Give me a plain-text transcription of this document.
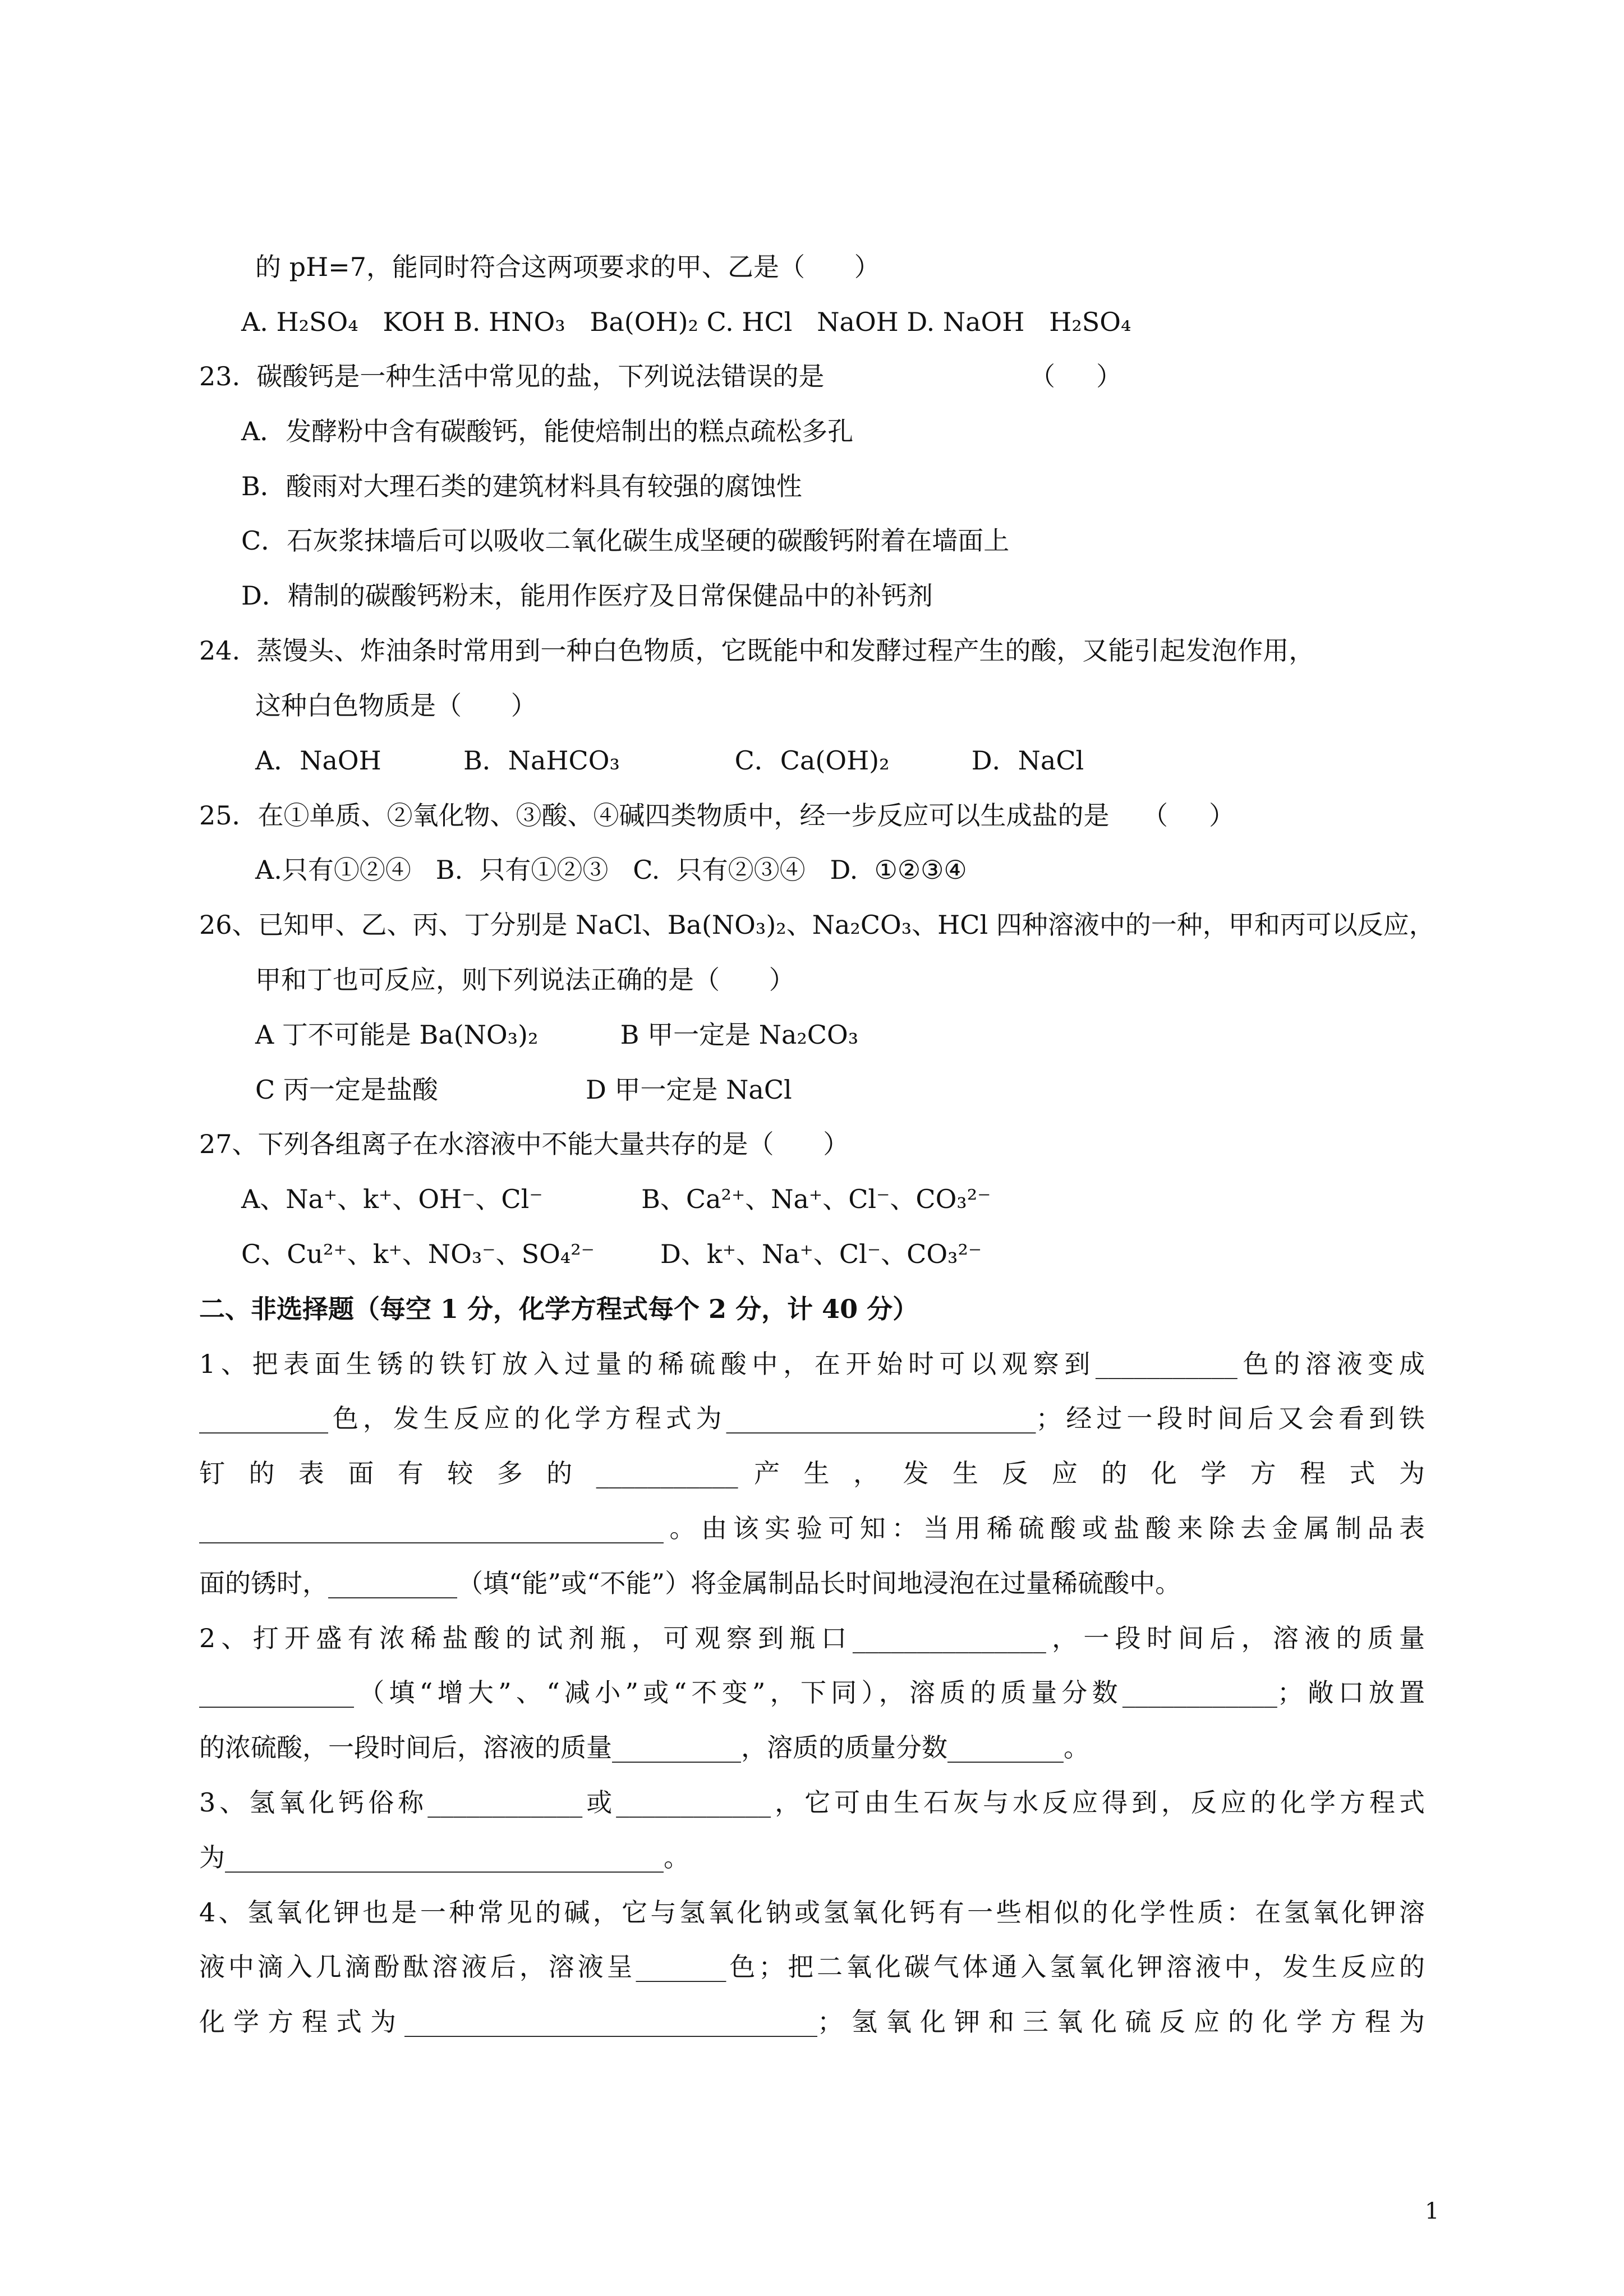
的 pH=7，能同时符合这两项要求的甲、乙是（      ）
A. H₂SO₄   KOH B. HNO₃   Ba(OH)₂ C. HCl   NaOH D. NaOH   H₂SO₄
23.  碳酸钙是一种生活中常见的盐，下列说法错误的是	（     ）
A．发酵粉中含有碳酸钙，能使焙制出的糕点疏松多孔
B．酸雨对大理石类的建筑材料具有较强的腐蚀性
C．石灰浆抹墙后可以吸收二氧化碳生成坚硬的碳酸钙附着在墙面上
D．精制的碳酸钙粉末，能用作医疗及日常保健品中的补钙剂
24.  蒸馒头、炸油条时常用到一种白色物质，它既能中和发酵过程产生的酸，又能引起发泡作用，
这种白色物质是（      ）
A．NaOH          B．NaHCO₃              C．Ca(OH)₂          D．NaCl
25．在①单质、②氧化物、③酸、④碱四类物质中，经一步反应可以生成盐的是    （     ）
A.只有①②④   B.  只有①②③   C.  只有②③④   D.  ①②③④
26、已知甲、乙、丙、丁分别是 NaCl、Ba(NO₃)₂、Na₂CO₃、HCl 四种溶液中的一种，甲和丙可以反应，
甲和丁也可反应，则下列说法正确的是（      ）
A 丁不可能是 Ba(NO₃)₂          B 甲一定是 Na₂CO₃
C 丙一定是盐酸                  D 甲一定是 NaCl
27、下列各组离子在水溶液中不能大量共存的是（      ）
A、Na⁺、k⁺、OH⁻、Cl⁻            B、Ca²⁺、Na⁺、Cl⁻、CO₃²⁻
C、Cu²⁺、k⁺、NO₃⁻、SO₄²⁻        D、k⁺、Na⁺、Cl⁻、CO₃²⁻
二、非选择题（每空 1 分，化学方程式每个 2 分，计 40 分）
1、把表面生锈的铁钉放入过量的稀硫酸中，在开始时可以观察到___________色的溶液变成
__________色，发生反应的化学方程式为________________________；经过一段时间后又会看到铁
钉 的 表 面 有 较 多 的 ___________ 产 生 ， 发 生 反 应 的 化 学 方 程 式 为
____________________________________。由该实验可知：当用稀硫酸或盐酸来除去金属制品表
面的锈时，__________（填“能”或“不能”）将金属制品长时间地浸泡在过量稀硫酸中。
2、打开盛有浓稀盐酸的试剂瓶，可观察到瓶口_______________，一段时间后，溶液的质量
____________（填“增大”、“减小”或“不变”，下同），溶质的质量分数____________；敞口放置
的浓硫酸，一段时间后，溶液的质量__________，溶质的质量分数_________。
3、氢氧化钙俗称____________或____________，它可由生石灰与水反应得到，反应的化学方程式
为__________________________________。
4、氢氧化钾也是一种常见的碱，它与氢氧化钠或氢氧化钙有一些相似的化学性质：在氢氧化钾溶
液中滴入几滴酚酞溶液后，溶液呈_______色；把二氧化碳气体通入氢氧化钾溶液中，发生反应的
化学方程式为________________________________；氢氧化钾和三氧化硫反应的化学方程为
1
